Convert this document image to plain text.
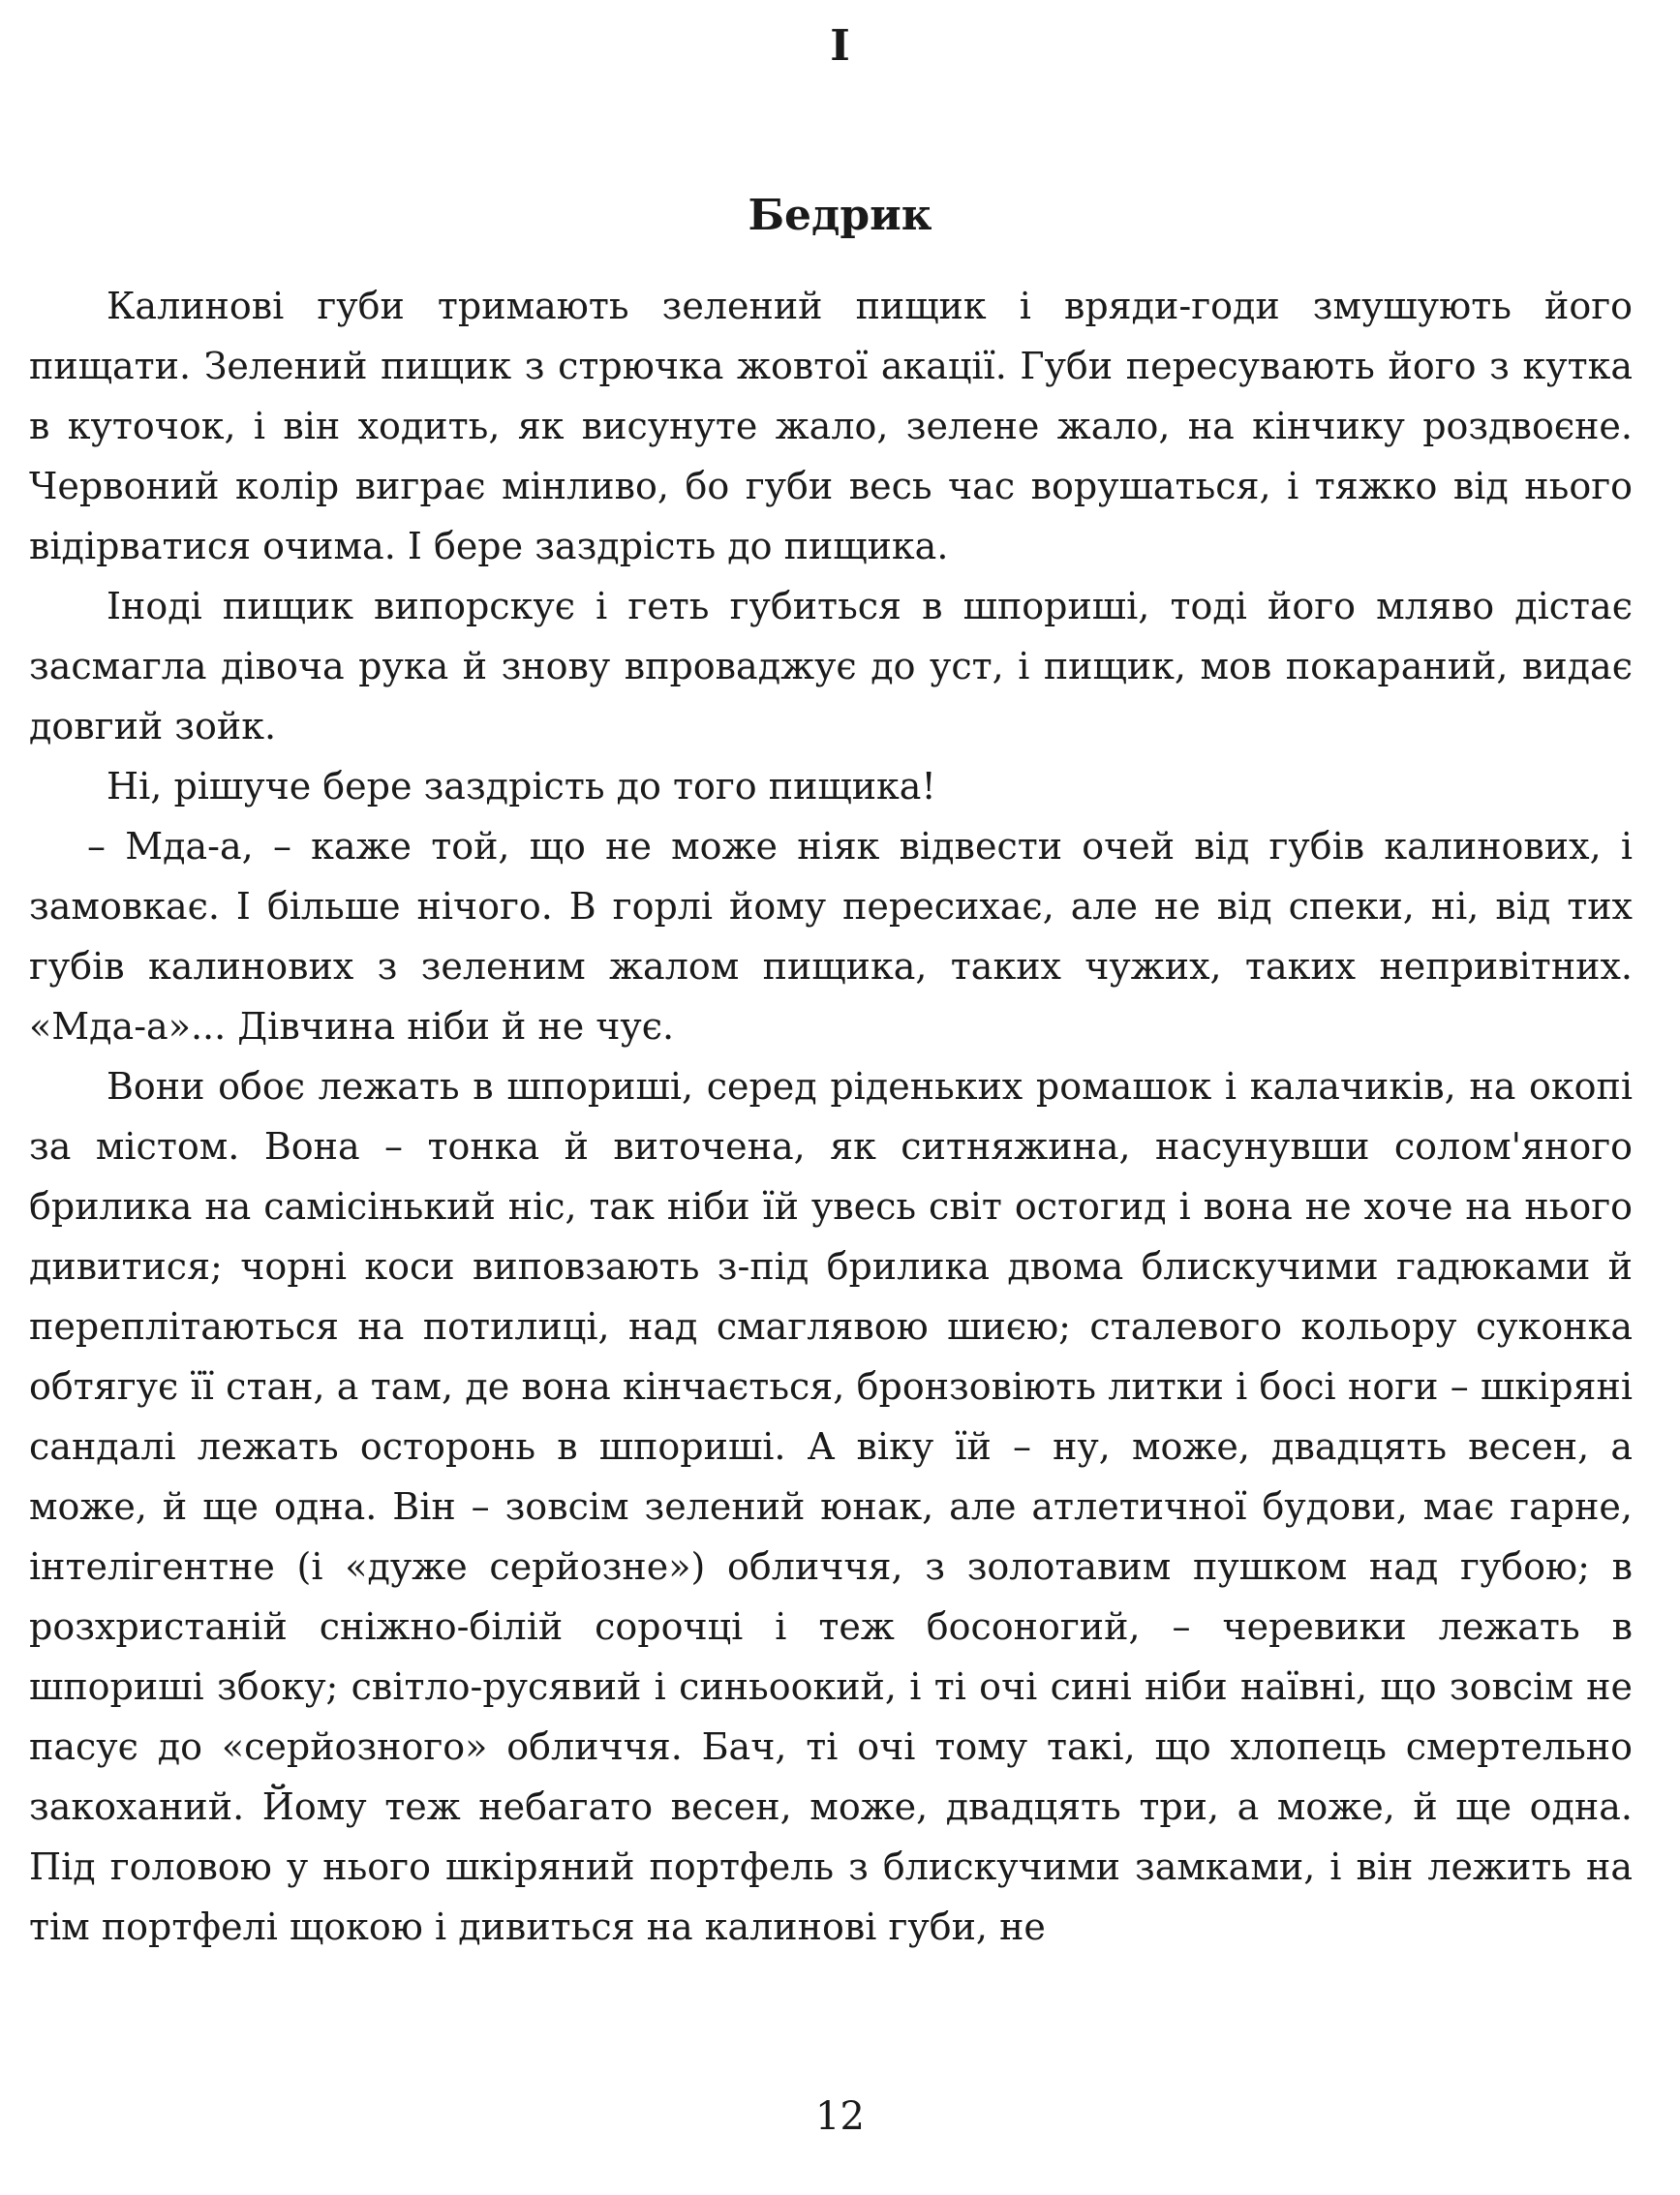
I
Бедрик

Калинові губи тримають зелений пищик і вряди-годи змушують його пищати. Зелений пищик з стрючка жовтої акації. Губи пересувають його з кутка в куточок, і він ходить, як висунуте жало, зелене жало, на кінчику роздвоєне. Червоний колір виграє мінливо, бо губи весь час ворушаться, і тяжко від нього відірватися очима. І бере заздрість до пищика.

Іноді пищик випорскує і геть губиться в шпориші, тоді його мляво дістає засмагла дівоча рука й знову впроваджує до уст, і пищик, мов покараний, видає довгий зойк.

Ні, рішуче бере заздрість до того пищика!

– Мда-а, – каже той, що не може ніяк відвести очей від губів калинових, і замовкає. І більше нічого. В горлі йому пересихає, але не від спеки, ні, від тих губів калинових з зеленим жалом пищика, таких чужих, таких непривітних. «Мда-а»... Дівчина ніби й не чує.

Вони обоє лежать в шпориші, серед ріденьких ромашок і калачиків, на окопі за містом. Вона – тонка й виточена, як ситняжина, насунувши солом'яного брилика на самісінький ніс, так ніби їй увесь світ остогид і вона не хоче на нього дивитися; чорні коси виповзають з-під брилика двома блискучими гадюками й переплітаються на потилиці, над смаглявою шиєю; сталевого кольору суконка обтягує її стан, а там, де вона кінчається, бронзовіють литки і босі ноги – шкіряні сандалі лежать осторонь в шпориші. А віку їй – ну, може, двадцять весен, а може, й ще одна. Він – зовсім зелений юнак, але атлетичної будови, має гарне, інтелігентне (і «дуже серйозне») обличчя, з золотавим пушком над губою; в розхристаній сніжно-білій сорочці і теж босоногий, – черевики лежать в шпориші збоку; світло-русявий і синьоокий, і ті очі сині ніби наївні, що зовсім не пасує до «серйозного» обличчя. Бач, ті очі тому такі, що хлопець смертельно закоханий. Йому теж небагато весен, може, двадцять три, а може, й ще одна. Під головою у нього шкіряний портфель з блискучими замками, і він лежить на тім портфелі щокою і дивиться на калинові губи, не

12
